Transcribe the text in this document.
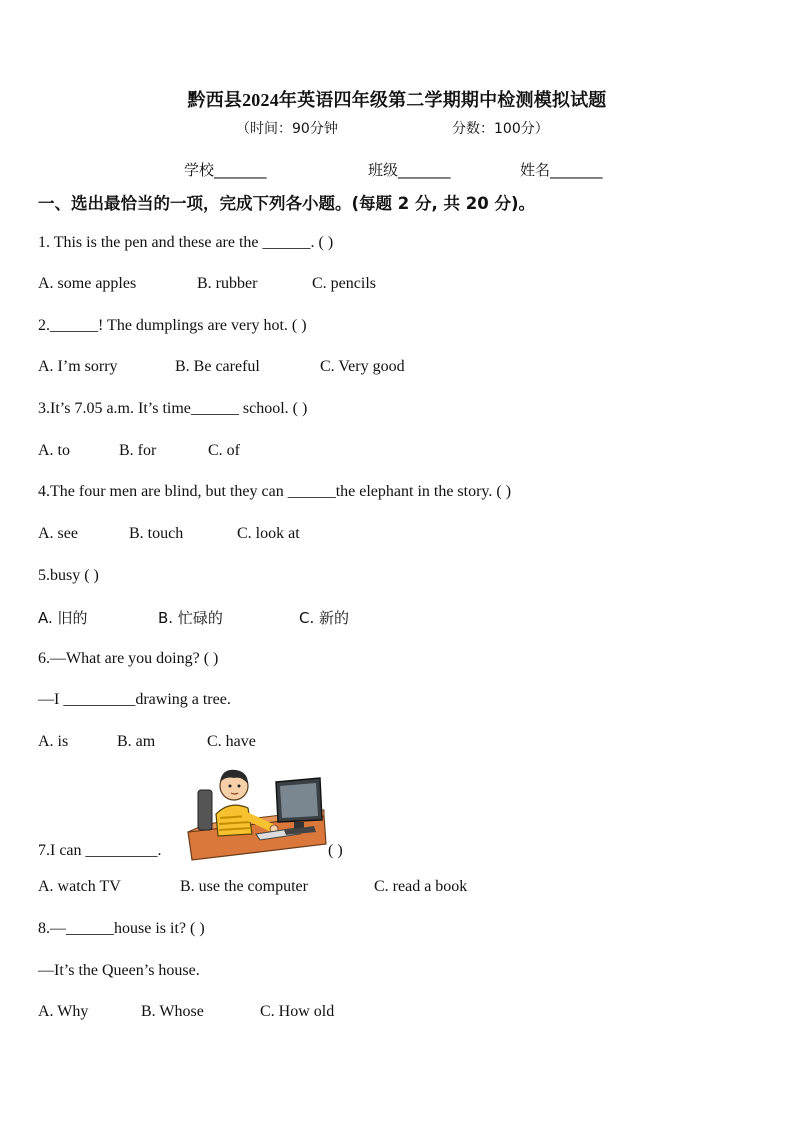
黔西县2024年英语四年级第二学期期中检测模拟试题
（时间：90分钟	分数：100分）
学校_______	班级_______	姓名_______
一、选出最恰当的一项，完成下列各小题。(每题 2 分, 共 20 分)。
1. This is the pen and these are the ______. ( )
A. some apples	B. rubber	C. pencils
2.______! The dumplings are very hot. ( )
A. I’m sorry	B. Be careful	C. Very good
3.It’s 7.05 a.m. It’s time______ school. ( )
A. to	B. for	C. of
4.The four men are blind, but they can ______the elephant in the story. ( )
A. see	B. touch	C. look at
5.busy ( )
A. 旧的	B. 忙碌的	C. 新的
6.—What are you doing? ( )
—I _________drawing a tree.
A. is	B. am	C. have
7.I can _________.	( )
A. watch TV	B. use the computer	C. read a book
8.—______house is it? ( )
—It’s the Queen’s house.
A. Why	B. Whose	C. How old
